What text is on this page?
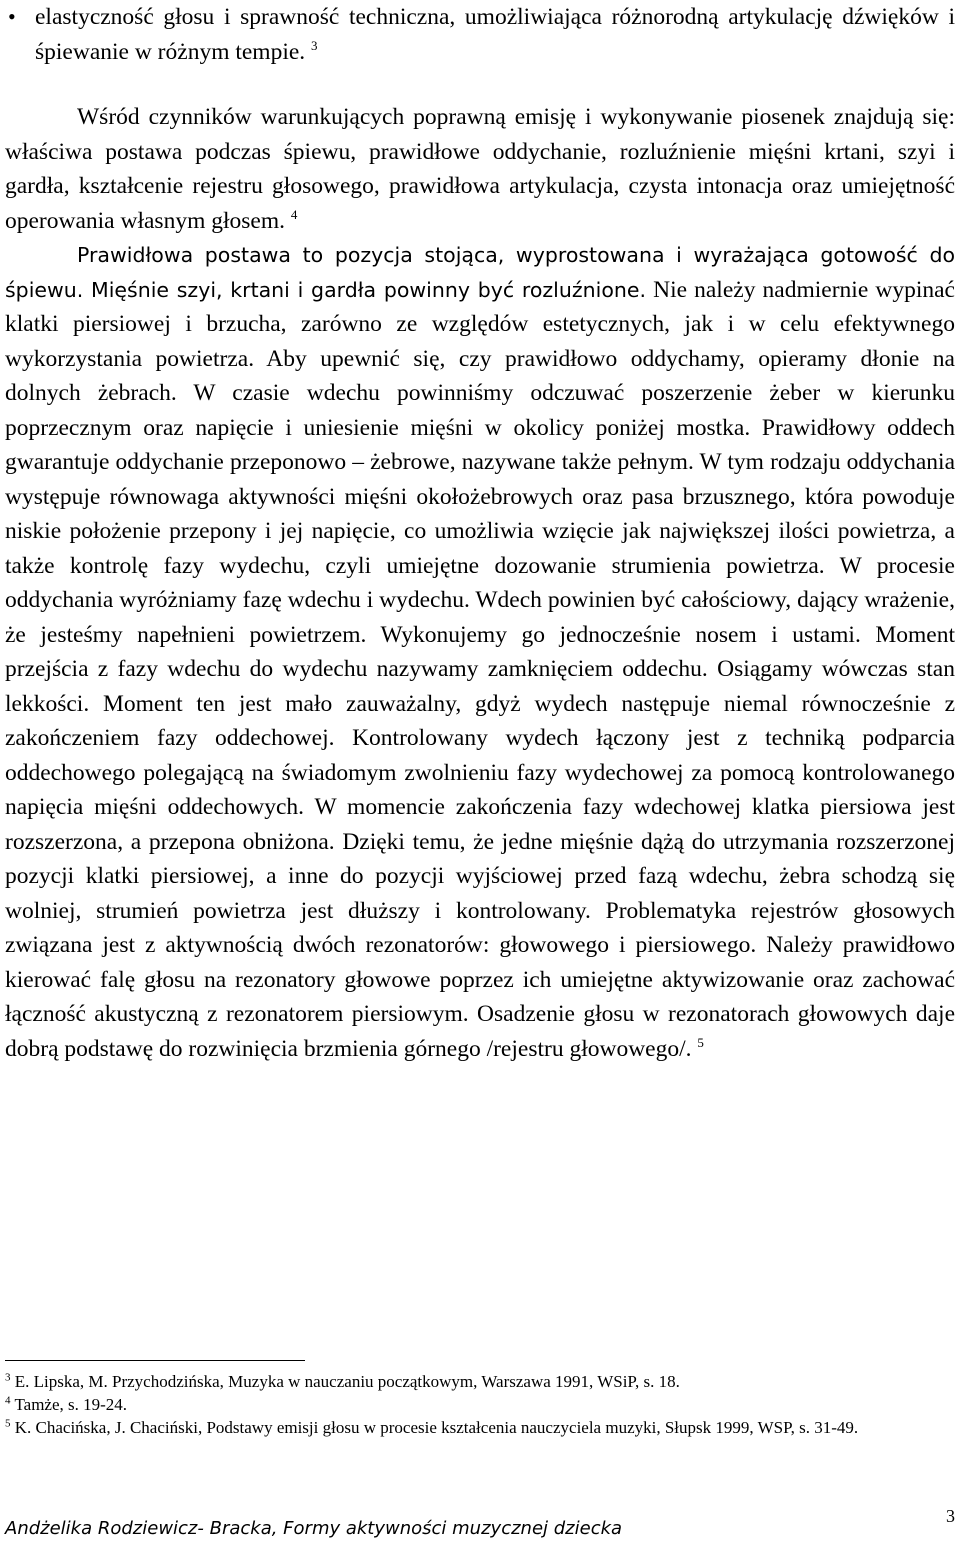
• elastyczność głosu i sprawność techniczna, umożliwiająca różnorodną artykulację dźwięków i śpiewanie w różnym tempie. $^3$

Wśród czynników warunkujących poprawną emisję i wykonywanie piosenek znajdują się: właściwa postawa podczas śpiewu, prawidłowe oddychanie, rozluźnienie mięśni krtani, szyi i gardła, kształcenie rejestru głosowego, prawidłowa artykulacja, czysta intonacja oraz umiejętność operowania własnym głosem. $^4$

Prawidłowa postawa to pozycja stojąca, wyprostowana i wyrażająca gotowość do śpiewu. Mięśnie szyi, krtani i gardła powinny być rozluźnione. Nie należy nadmiernie wypinać klatki piersiowej i brzucha, zarówno ze względów estetycznych, jak i w celu efektywnego wykorzystania powietrza. Aby upewnić się, czy prawidłowo oddychamy, opieramy dłonie na dolnych żebrach. W czasie wdechu powinniśmy odczuwać poszerzenie żeber w kierunku poprzecznym oraz napięcie i uniesienie mięśni w okolicy poniżej mostka. Prawidłowy oddech gwarantuje oddychanie przeponowo – żebrowe, nazywane także pełnym. W tym rodzaju oddychania występuje równowaga aktywności mięśni okołożebrowych oraz pasa brzusznego, która powoduje niskie położenie przepony i jej napięcie, co umożliwia wzięcie jak największej ilości powietrza, a także kontrolę fazy wydechu, czyli umiejętne dozowanie strumienia powietrza. W procesie oddychania wyróżniamy fazę wdechu i wydechu. Wdech powinien być całościowy, dający wrażenie, że jesteśmy napełnieni powietrzem. Wykonujemy go jednocześnie nosem i ustami. Moment przejścia z fazy wdechu do wydechu nazywamy zamknięciem oddechu. Osiągamy wówczas stan lekkości. Moment ten jest mało zauważalny, gdyż wydech następuje niemal równocześnie z zakończeniem fazy oddechowej. Kontrolowany wydech łączony jest z techniką podparcia oddechowego polegającą na świadomym zwolnieniu fazy wydechowej za pomocą kontrolowanego napięcia mięśni oddechowych. W momencie zakończenia fazy wdechowej klatka piersiowa jest rozszerzona, a przepona obniżona. Dzięki temu, że jedne mięśnie dążą do utrzymania rozszerzonej pozycji klatki piersiowej, a inne do pozycji wyjściowej przed fazą wdechu, żebra schodzą się wolniej, strumień powietrza jest dłuższy i kontrolowany. Problematyka rejestrów głosowych związana jest z aktywnością dwóch rezonatorów: głowowego i piersiowego. Należy prawidłowo kierować falę głosu na rezonatory głowowe poprzez ich umiejętne aktywizowanie oraz zachować łączność akustyczną z rezonatorem piersiowym. Osadzenie głosu w rezonatorach głowowych daje dobrą podstawę do rozwinięcia brzmienia górnego /rejestru głowowego/. $^5$

$^3$ E. Lipska, M. Przychodzińska, Muzyka w nauczaniu początkowym, Warszawa 1991, WSiP, s. 18.

$^4$ Tamże, s. 19-24.

$^5$ K. Chacińska, J. Chaciński, Podstawy emisji głosu w procesie kształcenia nauczyciela muzyki, Słupsk 1999, WSP, s. 31-49.

Andżelika Rodziewicz- Bracka, Formy aktywności muzycznej dziecka
3
